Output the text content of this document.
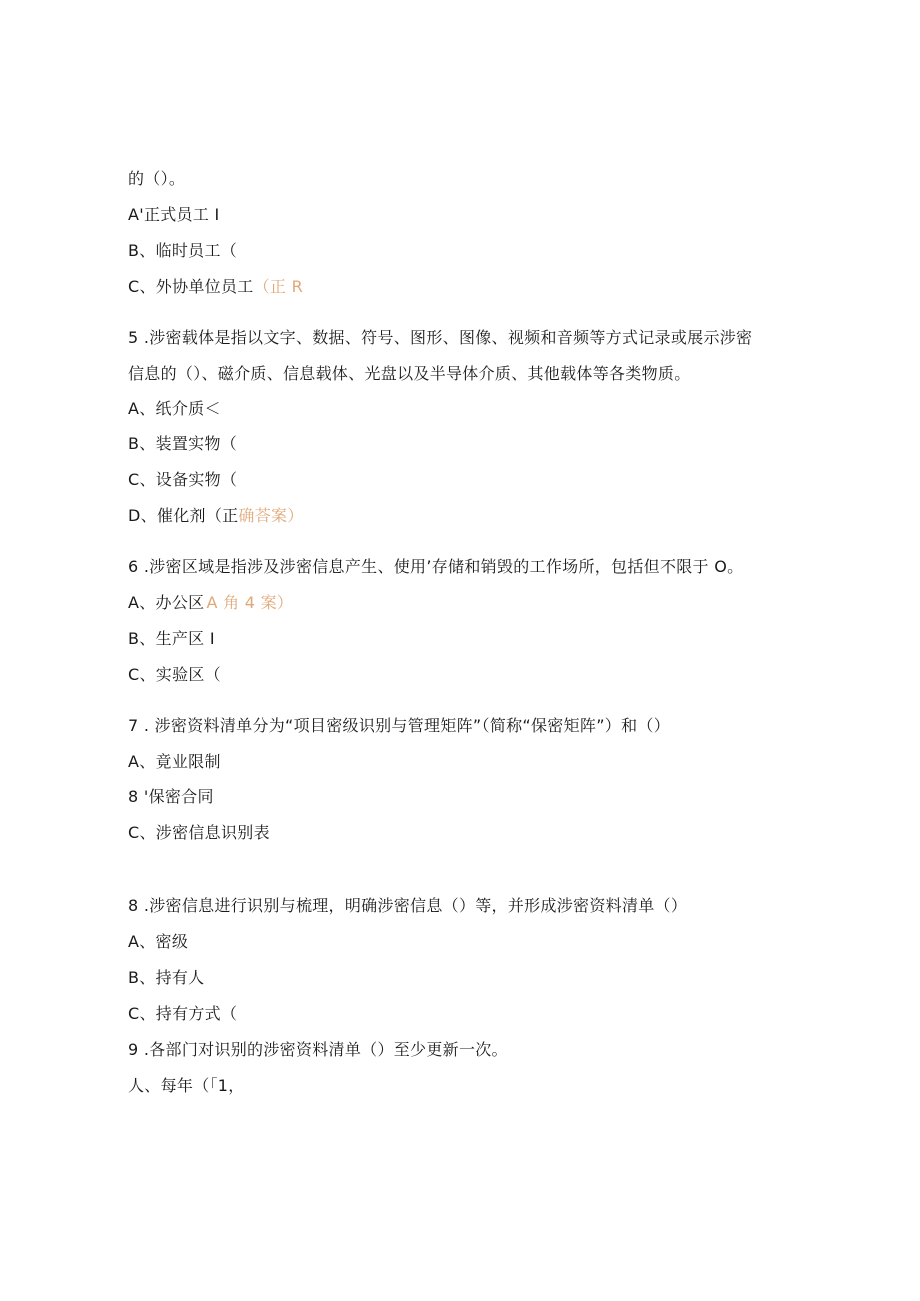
的（）。
A'正式员工 I
B、临时员工（
C、外协单位员工（正 R
5 .涉密载体是指以文字、数据、符号、图形、图像、视频和音频等方式记录或展示涉密
信息的（）、磁介质、信息载体、光盘以及半导体介质、其他载体等各类物质。
A、纸介质＜
B、装置实物（
C、设备实物（
D、催化剂（正确荅案）
6 .涉密区域是指涉及涉密信息产生、使用’存储和销毁的工作场所，包括但不限于 O。
A、办公区 A 角 4 案）
B、生产区 I
C、实验区（
7 . 涉密资料清单分为“项目密级识别与管理矩阵”（简称“保密矩阵”）和（）
A、竟业限制
8 '保密合同
C、涉密信息识别表
8 .涉密信息进行识别与梳理，明确涉密信息（）等，并形成涉密资料清单（）
A、密级
B、持有人
C、持有方式（
9 .各部门对识别的涉密资料清单（）至少更新一次。
人、每年（「1，
